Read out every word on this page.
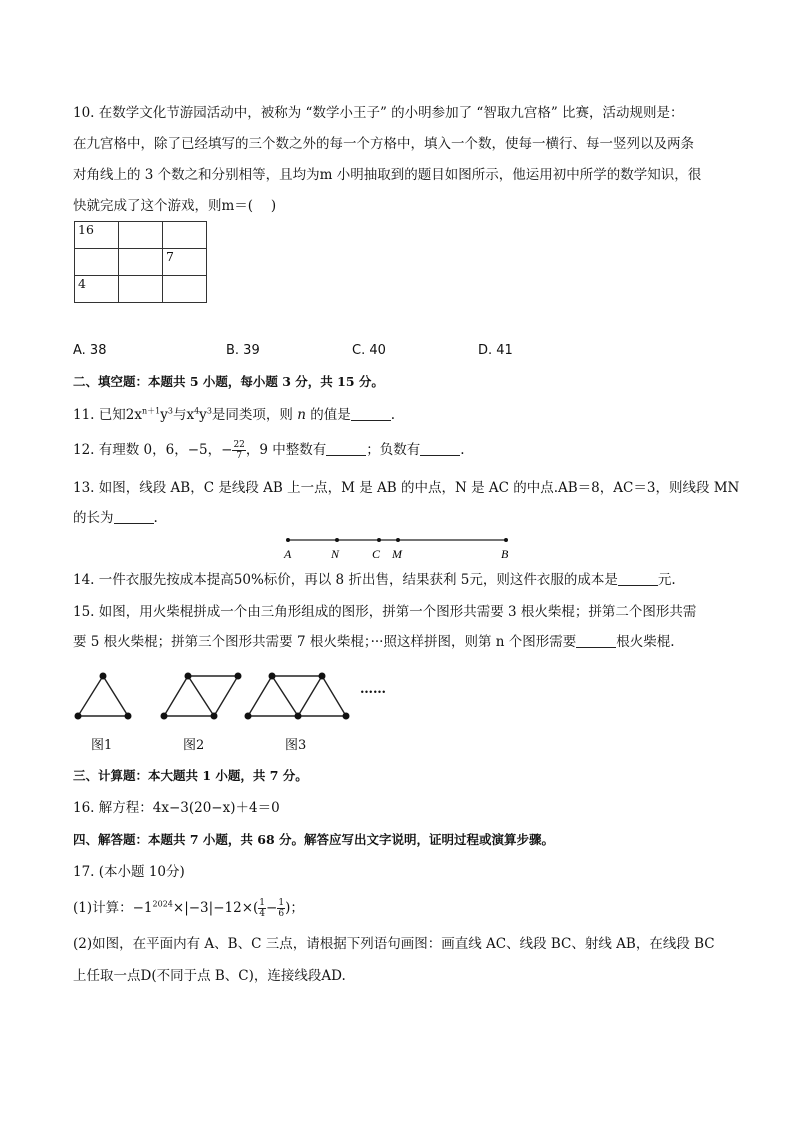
10. 在数学文化节游园活动中，被称为 “数学小王子” 的小明参加了 “智取九宫格” 比赛，活动规则是：
在九宫格中，除了已经填写的三个数之外的每一个方格中，填入一个数，使每一横行、每一竖列以及两条
对角线上的 3 个数之和分别相等，且均为m 小明抽取到的题目如图所示，他运用初中所学的数学知识，很
快就完成了这个游戏，则m＝(　 )
16		
		7
4		
A. 38	B. 39	C. 40	D. 41
二、填空题：本题共 5 小题，每小题 3 分，共 15 分。
11. 已知$2x^{n+1}y^3$与$x^4y^3$是同类项，则 n 的值是	.
12. 有理数 0，6，−5，− $\frac{22}{7}$ ，9 中整数有	；负数有	.
13. 如图，线段 AB，C 是线段 AB 上一点，M 是 AB 的中点，N 是 AC 的中点.AB＝8，AC＝3，则线段 MN
的长为	.
A	N	C M	B
14. 一件衣服先按成本提高50%标价，再以 8 折出售，结果获利 5元，则这件衣服的成本是	元.
15. 如图，用火柴棍拼成一个由三角形组成的图形，拼第一个图形共需要 3 根火柴棍；拼第二个图形共需
要 5 根火柴棍；拼第三个图形共需要 7 根火柴棍；···照这样拼图，则第 n 个图形需要	根火柴棍.
……
图1	图2	图3
三、计算题：本大题共 1 小题，共 7 分。
16. 解方程：4x−3(20−x)＋4＝0
四、解答题：本题共 7 小题，共 68 分。解答应写出文字说明，证明过程或演算步骤。
17. (本小题 10分)
(1)计算：$-1^{2024}\times|-3|-12\times( \frac{1}{4} - \frac{1}{6}$ )；
(2)如图，在平面内有 A、B、C 三点，请根据下列语句画图：画直线 AC、线段 BC、射线 AB，在线段 BC
上任取一点D(不同于点 B、C)，连接线段AD.
